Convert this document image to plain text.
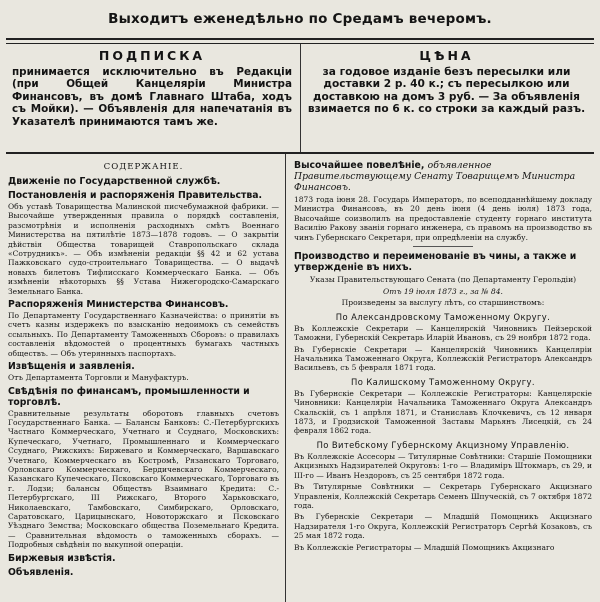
Выходитъ еженедѣльно по Средамъ вечеромъ.
ПОДПИСКА
принимается исключительно въ Редакціи (при Общей Канцеляріи Министра Финансовъ, въ домѣ Главнаго Штаба, ходъ съ Мойки). — Объявленія для напечатанія въ Указателѣ принимаются тамъ же.
ЦѢНА
за годовое изданіе безъ пересылки или доставки 2 р. 40 к.; съ пересылкою или доставкою на домъ 3 руб. — За объявленія взимается по 6 к. со строки за каждый разъ.
СОДЕРЖАНІЕ.
Движеніе по Государственной службѣ.
Постановленія и распоряженія Правительства.

Объ уставѣ Товарищества Малинской писчебумажной фабрики. — Высочайше утвержденныя правила о порядкѣ составленія, разсмотрѣнія и исполненія расходныхъ смѣтъ Военнаго Министерства на пятилѣтіе 1873—1878 годовъ. — О закрытіи дѣйствія Общества товарищей Ставропольскаго склада «Сотрудникъ». — Объ измѣненіи редакціи §§ 42 и 62 устава Пажковскаго судо-строительнаго Товарищества. — О выдачѣ новыхъ билетовъ Тифлисскаго Коммерческаго Банка. — Объ измѣненіи нѣкоторыхъ §§ Устава Нижегородско-Самарскаго Земельнаго Банка.

Распоряженія Министерства Финансовъ.

По Департаменту Государственнаго Казначейства: о принятіи въ счетъ казны издержекъ по взысканію недоимокъ съ семействъ ссыльныхъ. По Департаменту Таможенныхъ Сборовъ: о правилахъ составленія вѣдомостей о процентныхъ бумагахъ частныхъ обществъ. — Объ утерянныхъ паспортахъ.

Извѣщенія и заявленія.

Отъ Департамента Торговли и Мануфактуръ.

Свѣдѣнія по финансамъ, промышленности и торговлѣ.

Сравнительные результаты оборотовъ главныхъ счетовъ Государственнаго Банка. — Балансы Банковъ: С.-Петербургскихъ Частнаго Коммерческаго, Учетнаго и Ссуднаго, Московскихъ: Купеческаго, Учетнаго, Промышленнаго и Коммерческаго Ссуднаго, Рижскихъ: Биржеваго и Коммерческаго, Варшавскаго Учетнаго, Коммерческаго въ Костромѣ, Рязанскаго Торговаго, Орловскаго Коммерческаго, Бердичевскаго Коммерческаго, Казанскаго Купеческаго, Псковскаго Коммерческаго, Торговаго въ г. Лодзи; балансы Обществъ Взаимнаго Кредита: С.-Петербургскаго, III Рижскаго, Второго Харьковскаго, Николаевскаго, Тамбовскаго, Симбирскаго, Орловскаго, Саратовскаго, Царицынскаго, Новоторжскаго и Псковскаго Уѣзднаго Земства; Московскаго общества Поземельнаго Кредита. — Сравнительная вѣдомость о таможенныхъ сборахъ. — Подробныя свѣдѣнія по выкупной операціи.

Биржевыя извѣстія.
Объявленія.

Высочайшее повелѣніе, объявленное Правительствующему Сенату Товарищемъ Министра Финансовъ.

1873 года іюня 28. Государь Императоръ, по всеподданнѣйшему докладу Министра Финансовъ, въ 20 день іюня (4 день іюля) 1873 года, Высочайше соизволилъ на предоставленіе студенту горнаго института Василію Ракову званія горнаго инженера, съ правомъ на производство въ чинъ Губернскаго Секретаря, при опредѣленіи на службу.

Производство и переименованіе въ чины, а также и утвержденіе въ нихъ.
Указы Правительствующаго Сената (по Департаменту Герольдіи)
Отъ 19 іюля 1873 г., за № 84.
Произведены за выслугу лѣтъ, со старшинствомъ:
По Александровскому Таможенному Округу.

Въ Коллежскіе Секретари — Канцелярскій Чиновникъ Пейзерской Таможни, Губернскій Секретарь Иларій Ивановъ, съ 29 ноября 1872 года.

Въ Губернскіе Секретари — Канцелярскій Чиновникъ Канцеляріи Начальника Таможеннаго Округа, Коллежскій Регистраторъ Александръ Васильевъ, съ 5 февраля 1871 года.

По Калишскому Таможенному Округу.

Въ Губернскіе Секретари — Коллежскіе Регистраторы: Канцелярскіе Чиновники: Канцеляріи Начальника Таможеннаго Округа Александръ Скальскій, съ 1 апрѣля 1871, и Станиславъ Клочкевичъ, съ 12 января 1873, и Гродзиской Таможенной Заставы Марьянъ Лисецкій, съ 24 февраля 1862 года.

По Витебскому Губернскому Акцизному Управленію.

Въ Коллежскіе Ассесоры — Титулярные Совѣтники: Старшіе Помощники Акцизныхъ Надзирателей Округовъ: 1-го — Владиміръ Штокмаръ, съ 29, и III-го — Иванъ Нездоровъ, съ 25 сентября 1872 года.

Въ Титулярные Совѣтники — Секретарь Губернскаго Акцизнаго Управленія, Коллежскій Секретарь Семенъ Шпуческій, съ 7 октября 1872 года.

Въ Губернскіе Секретари — Младшій Помощникъ Акцизнаго Надзирателя 1-го Округа, Коллежскій Регистраторъ Сергѣй Козаковъ, съ 25 мая 1872 года.

Въ Коллежскіе Регистраторы — Младшій Помощникъ Акцизнаго
